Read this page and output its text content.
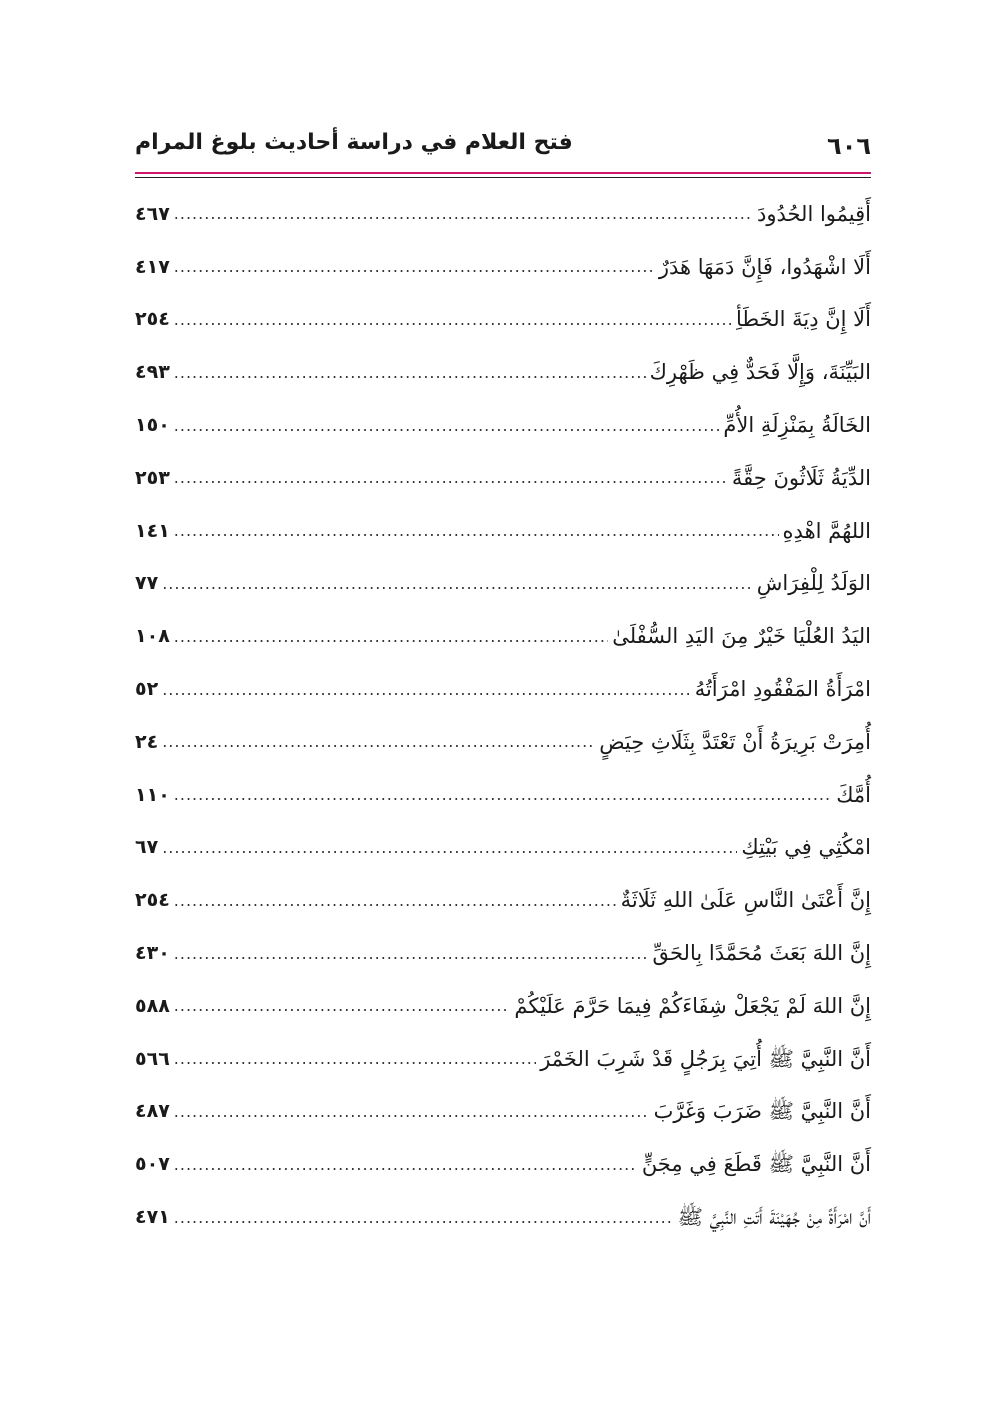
٦٠٦
فتح العلام في دراسة أحاديث بلوغ المرام
أَقِيمُوا الحُدُودَ
.....
٤٦٧
أَلَا اشْهَدُوا، فَإِنَّ دَمَهَا هَدَرٌ
.....
٤١٧
أَلَا إِنَّ دِيَةَ الخَطَأِ
.....
٢٥٤
البَيِّنَةَ، وَإِلَّا فَحَدٌّ فِي ظَهْرِكَ
.....
٤٩٣
الخَالَةُ بِمَنْزِلَةِ الأُمِّ
.....
١٥٠
الدِّيَةُ ثَلَاثُونَ حِقَّةً
.....
٢٥٣
اللهُمَّ اهْدِهِ
.....
١٤١
الوَلَدُ لِلْفِرَاشِ
.....
٧٧
اليَدُ العُلْيَا خَيْرٌ مِنَ اليَدِ السُّفْلَىٰ
.....
١٠٨
امْرَأَةُ المَفْقُودِ امْرَأَتُهُ
.....
٥٢
أُمِرَتْ بَرِيرَةُ أَنْ تَعْتَدَّ بِثَلَاثِ حِيَضٍ
.....
٢٤
أُمَّكَ
.....
١١٠
امْكُثِي فِي بَيْتِكِ
.....
٦٧
إِنَّ أَعْتَىٰ النَّاسِ عَلَىٰ اللهِ ثَلَاثَةٌ
.....
٢٥٤
إِنَّ اللهَ بَعَثَ مُحَمَّدًا بِالحَقِّ
.....
٤٣٠
إِنَّ اللهَ لَمْ يَجْعَلْ شِفَاءَكُمْ فِيمَا حَرَّمَ عَلَيْكُمْ
.....
٥٨٨
أَنَّ النَّبِيَّ ﷺ أُتِيَ بِرَجُلٍ قَدْ شَرِبَ الخَمْرَ
.....
٥٦٦
أَنَّ النَّبِيَّ ﷺ ضَرَبَ وَغَرَّبَ
.....
٤٨٧
أَنَّ النَّبِيَّ ﷺ قَطَعَ فِي مِجَنٍّ
.....
٥٠٧
أَنَّ امْرَأَةً مِنْ جُهَيْنَةَ أَتَتِ النَّبِيَّ ﷺ
.....
٤٧١
